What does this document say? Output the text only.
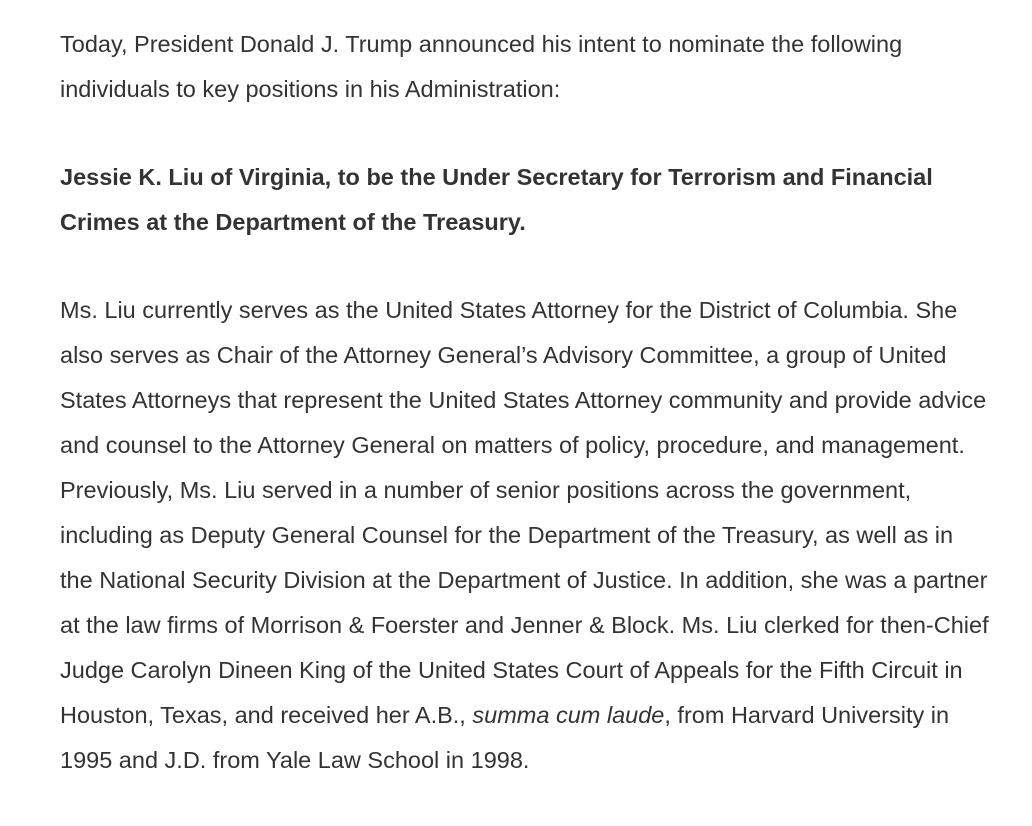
Today, President Donald J. Trump announced his intent to nominate the following individuals to key positions in his Administration:

Jessie K. Liu of Virginia, to be the Under Secretary for Terrorism and Financial Crimes at the Department of the Treasury.

Ms. Liu currently serves as the United States Attorney for the District of Columbia. She also serves as Chair of the Attorney General’s Advisory Committee, a group of United States Attorneys that represent the United States Attorney community and provide advice and counsel to the Attorney General on matters of policy, procedure, and management. Previously, Ms. Liu served in a number of senior positions across the government, including as Deputy General Counsel for the Department of the Treasury, as well as in the National Security Division at the Department of Justice. In addition, she was a partner at the law firms of Morrison & Foerster and Jenner & Block. Ms. Liu clerked for then-Chief Judge Carolyn Dineen King of the United States Court of Appeals for the Fifth Circuit in Houston, Texas, and received her A.B., summa cum laude, from Harvard University in 1995 and J.D. from Yale Law School in 1998.
